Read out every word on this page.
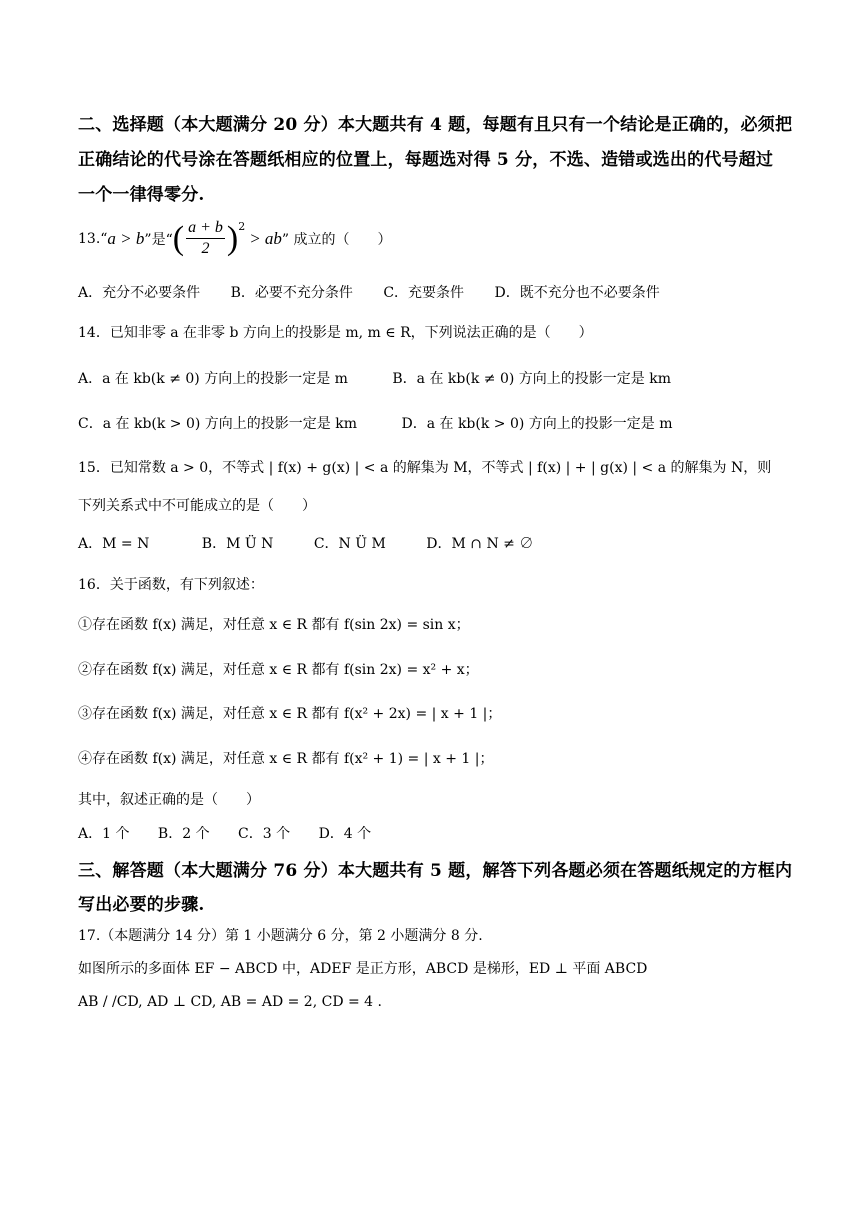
二、选择题（本大题满分 20 分）本大题共有 4 题，每题有且只有一个结论是正确的，必须把
正确结论的代号涂在答题纸相应的位置上，每题选对得 5 分，不选、造错或选出的代号超过
一个一律得零分.
13.“ a > b ”是“ ( $\frac{a + b}{2} )^2$
> ab ” 成立的（　　）
A．充分不必要条件 B．必要不充分条件 C．充要条件 D．既不充分也不必要条件
14．已知非零 a 在非零 b 方向上的投影是 m, m ∈ R，下列说法正确的是（　　）
A．a 在 kb(k ≠ 0) 方向上的投影一定是 m	B．a 在 kb(k ≠ 0) 方向上的投影一定是 km
C．a 在 kb(k > 0) 方向上的投影一定是 km	D．a 在 kb(k > 0) 方向上的投影一定是 m
15．已知常数 a > 0，不等式 | f(x) + g(x) | < a 的解集为 M，不等式 | f(x) | + | g(x) | < a 的解集为 N，则
下列关系式中不可能成立的是（　　）
A．M = N	B．M Ü N	C．N Ü M	D．M ∩ N ≠ ∅
16．关于函数，有下列叙述：
①存在函数 f(x) 满足，对任意 x ∈ R 都有 f(sin 2x) = sin x；
②存在函数 f(x) 满足，对任意 x ∈ R 都有 f(sin 2x) = x² + x；
③存在函数 f(x) 满足，对任意 x ∈ R 都有 f(x² + 2x) = | x + 1 |；
④存在函数 f(x) 满足，对任意 x ∈ R 都有 f(x² + 1) = | x + 1 |；
其中，叙述正确的是（　　）
A．1 个 B．2 个 C．3 个 D．4 个
三、解答题（本大题满分 76 分）本大题共有 5 题，解答下列各题必须在答题纸规定的方框内
写出必要的步骤.
17.（本题满分 14 分）第 1 小题满分 6 分，第 2 小题满分 8 分.
如图所示的多面体 EF − ABCD 中，ADEF 是正方形，ABCD 是梯形，ED ⊥ 平面 ABCD
AB / /CD, AD ⊥ CD, AB = AD = 2, CD = 4 .
